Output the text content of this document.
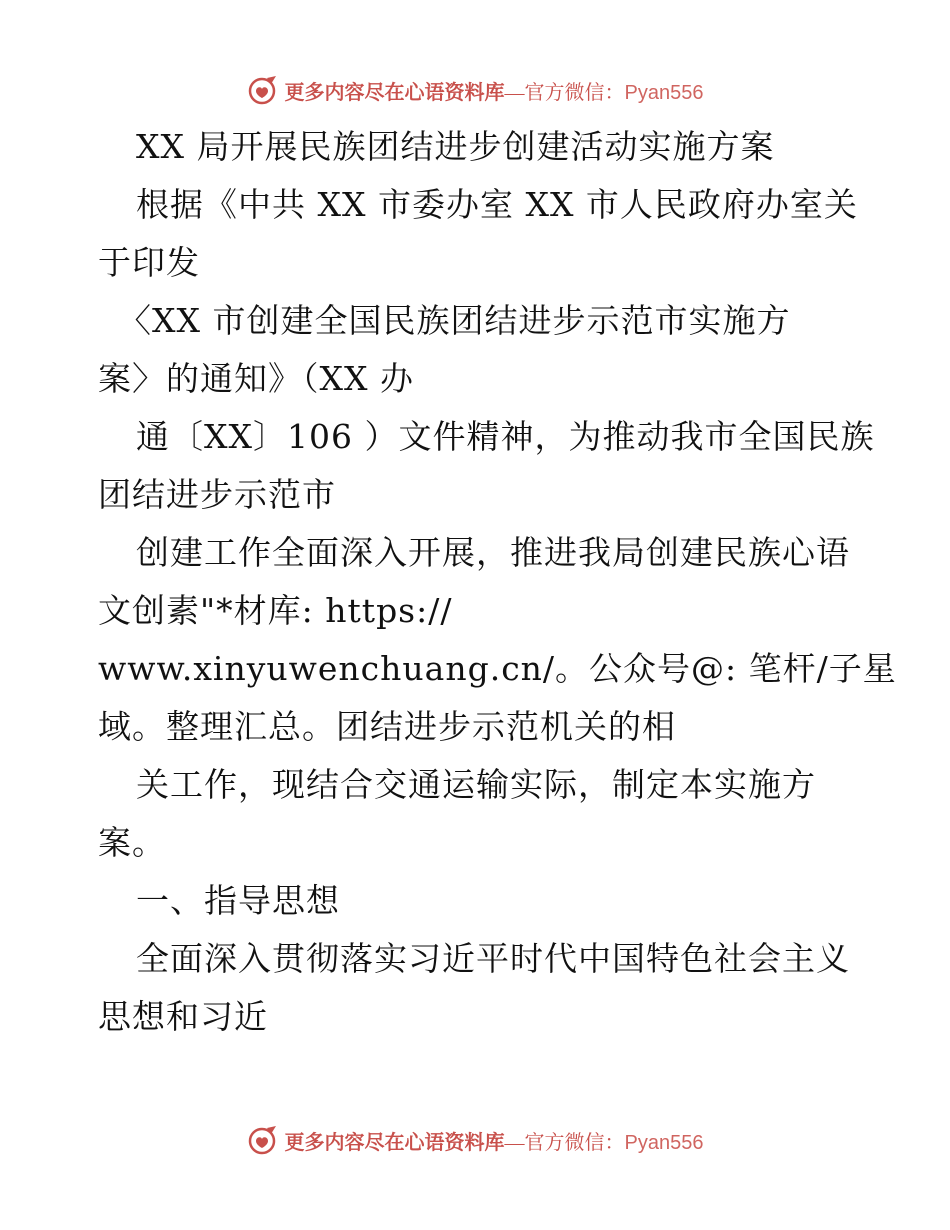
更多内容尽在心语资料库—官方微信：Pyan556
XX 局开展民族团结进步创建活动实施方案
根据《中共 XX 市委办室 XX 市人民政府办室关
于印发
〈XX 市创建全国民族团结进步示范市实施方
案〉的通知》（XX 办
通〔XX〕106 ）文件精神，为推动我市全国民族
团结进步示范市
创建工作全面深入开展，推进我局创建民族心语
文创素"*材库: https://
www.xinyuwenchuang.cn/。公众号@: 笔杆/子星
域。整理汇总。团结进步示范机关的相
关工作，现结合交通运输实际，制定本实施方
案。
一、指导思想
全面深入贯彻落实习近平时代中国特色社会主义
思想和习近
更多内容尽在心语资料库—官方微信：Pyan556
